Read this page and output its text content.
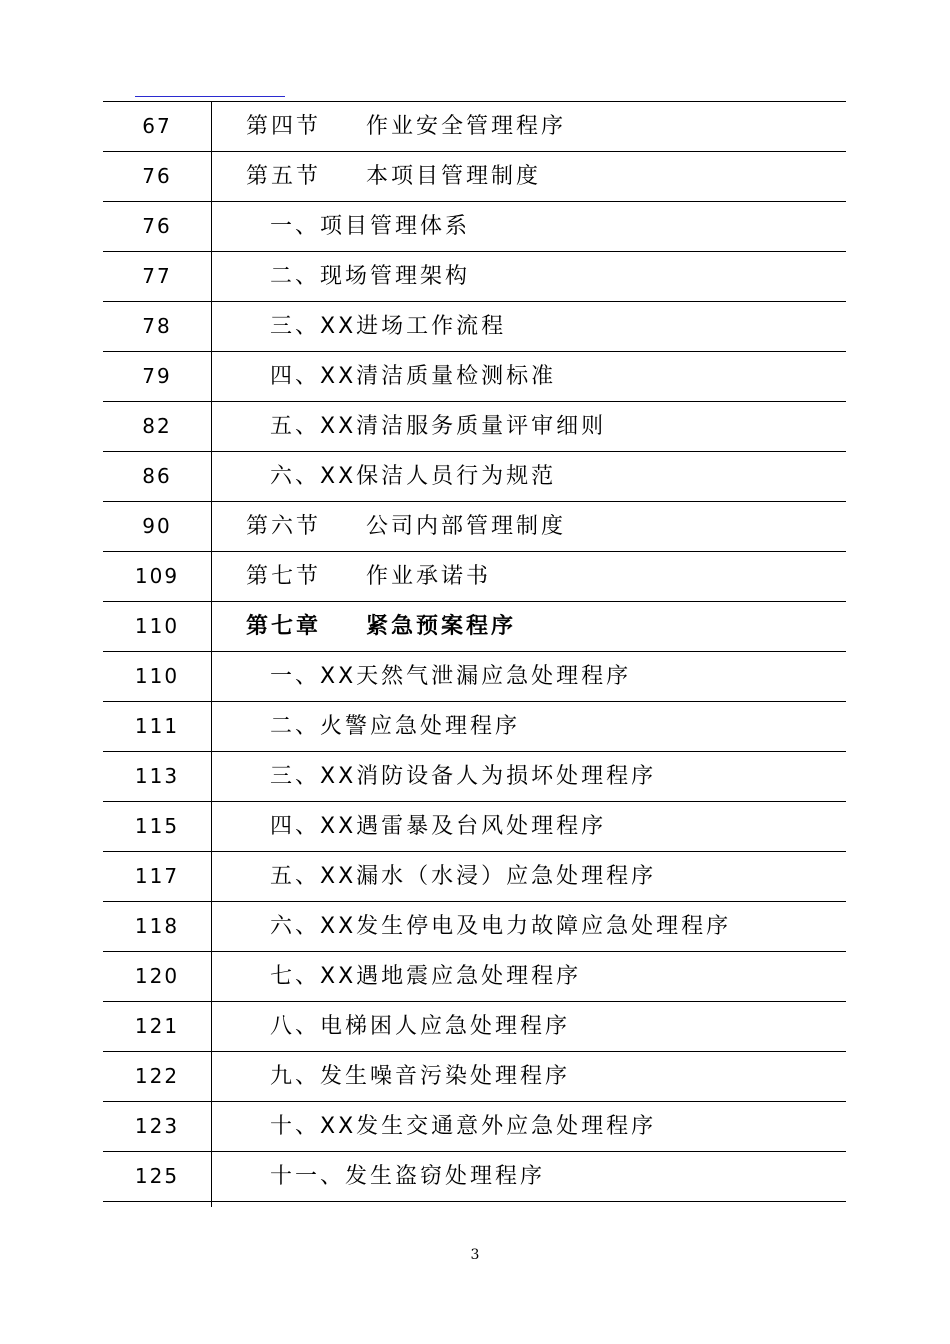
67	第四节 作业安全管理程序
76	第五节 本项目管理制度
76	一、项目管理体系
77	二、现场管理架构
78	三、XX进场工作流程
79	四、XX清洁质量检测标准
82	五、XX清洁服务质量评审细则
86	六、XX保洁人员行为规范
90	第六节 公司内部管理制度
109	第七节 作业承诺书
110	第七章 紧急预案程序
110	一、XX天然气泄漏应急处理程序
111	二、火警应急处理程序
113	三、XX消防设备人为损坏处理程序
115	四、XX遇雷暴及台风处理程序
117	五、XX漏水（水浸）应急处理程序
118	六、XX发生停电及电力故障应急处理程序
120	七、XX遇地震应急处理程序
121	八、电梯困人应急处理程序
122	九、发生噪音污染处理程序
123	十、XX发生交通意外应急处理程序
125	十一、发生盗窃处理程序
3
